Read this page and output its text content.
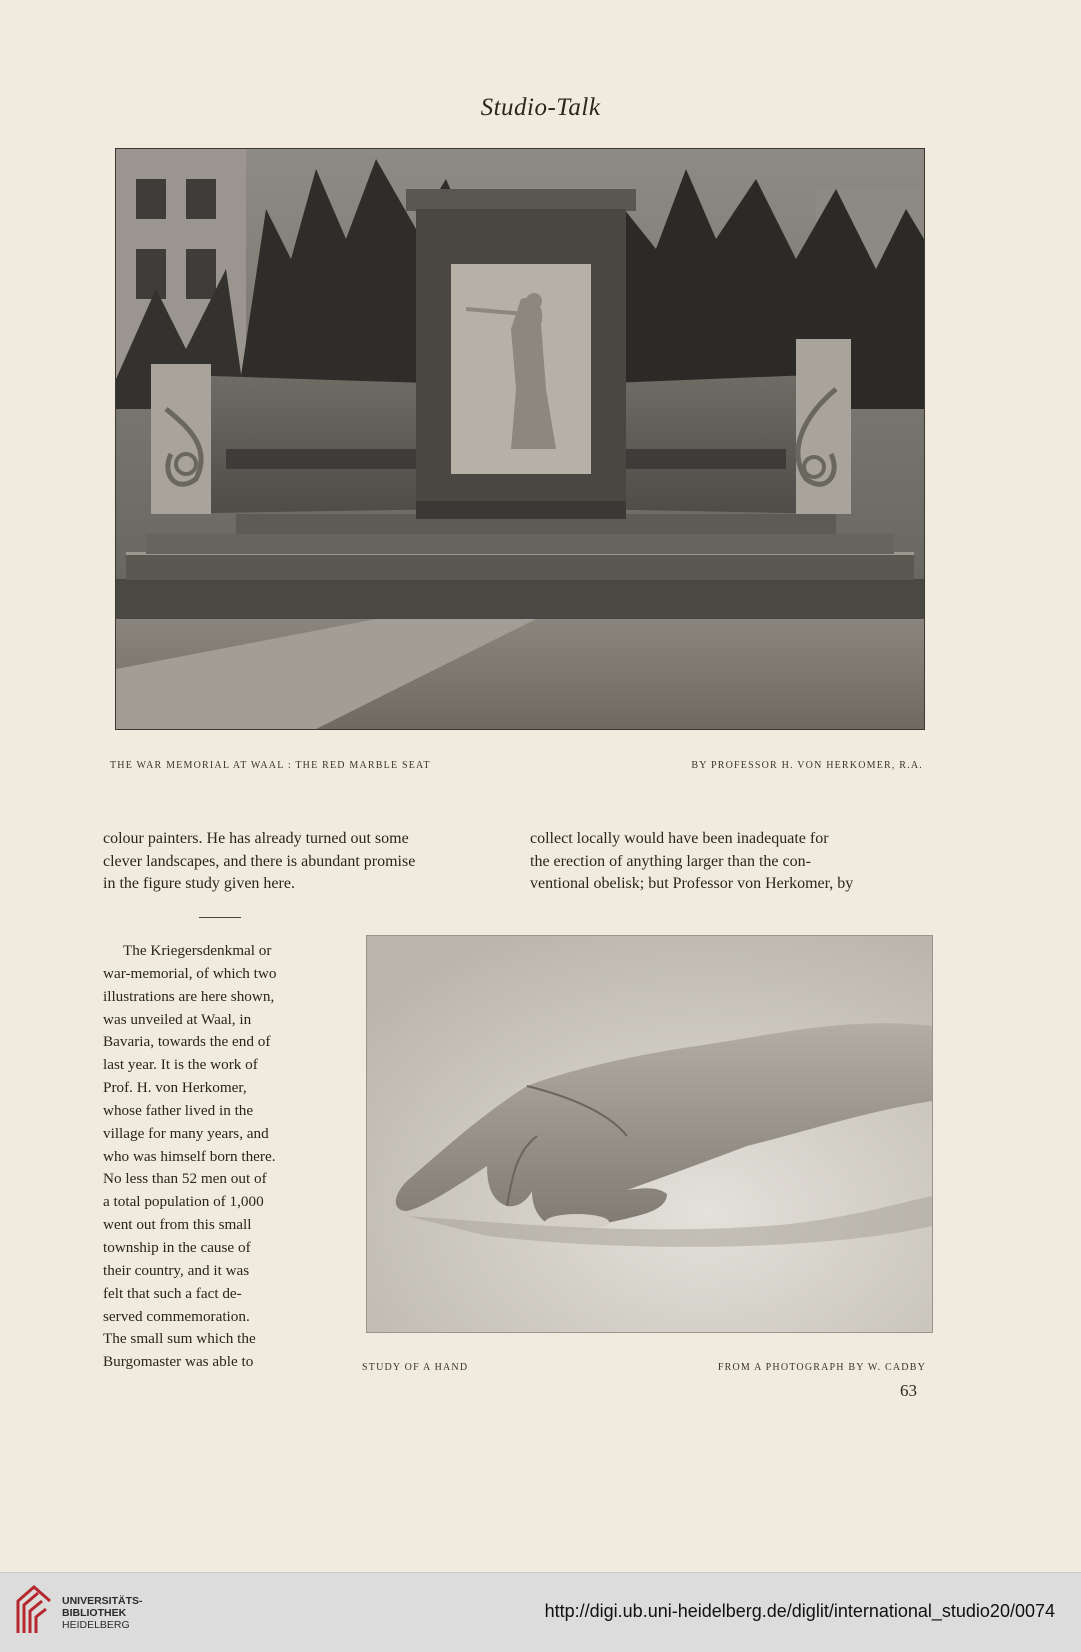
Studio-Talk
THE WAR MEMORIAL AT WAAL : THE RED MARBLE SEAT	BY PROFESSOR H. VON HERKOMER, R.A.

colour painters. He has already turned out some

clever landscapes, and there is abundant promise

in the figure study given here.

collect locally would have been inadequate for

the erection of anything larger than the con-

ventional obelisk; but Professor von Herkomer, by

The Kriegersdenkmal or

war-memorial, of which two

illustrations are here shown,

was unveiled at Waal, in

Bavaria, towards the end of

last year. It is the work of

Prof. H. von Herkomer,

whose father lived in the

village for many years, and

who was himself born there.

No less than 52 men out of

a total population of 1,000

went out from this small

township in the cause of

their country, and it was

felt that such a fact de-

served commemoration.

The small sum which the

Burgomaster was able to	STUDY OF A HAND	FROM A PHOTOGRAPH BY W. CADBY
63
UNIVERSITÄTS-
BIBLIOTHEK
HEIDELBERG
http://digi.ub.uni-heidelberg.de/diglit/international_studio20/0074
